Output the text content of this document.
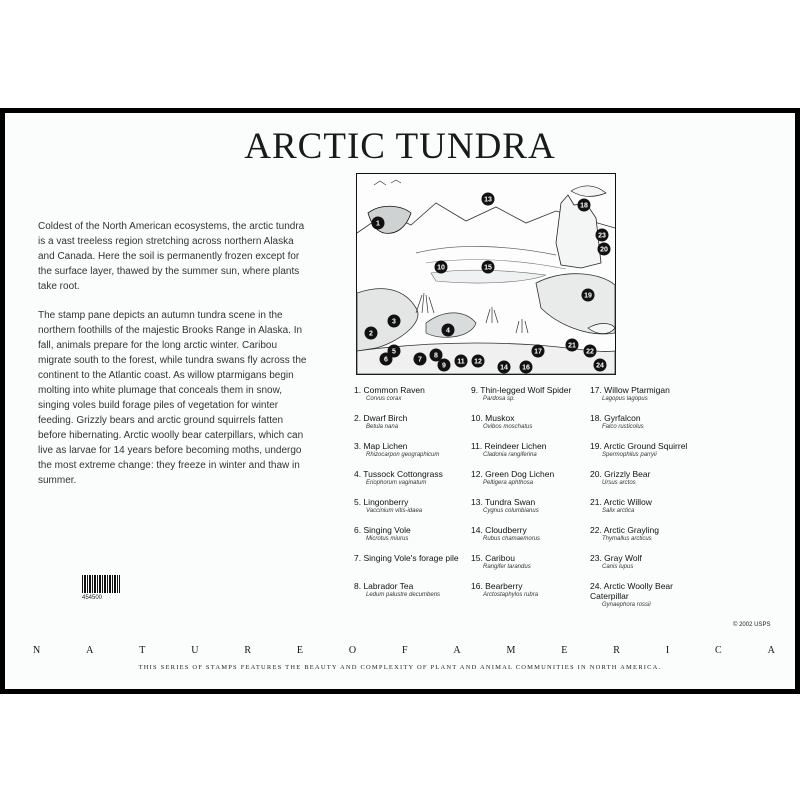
ARCTIC TUNDRA

Coldest of the North American ecosystems, the arctic tundra is a vast treeless region stretching across northern Alaska and Canada. Here the soil is permanently frozen except for the surface layer, thawed by the summer sun, where plants take root.

The stamp pane depicts an autumn tundra scene in the northern foothills of the majestic Brooks Range in Alaska. In fall, animals prepare for the long arctic winter. Caribou migrate south to the forest, while tundra swans fly across the continent to the Atlantic coast. As willow ptarmigans begin molting into white plumage that conceals them in snow, singing voles build forage piles of vegetation for winter feeding. Grizzly bears and arctic ground squirrels fatten before hibernating. Arctic woolly bear caterpillars, which can live as larvae for 14 years before becoming moths, undergo the most extreme change: they freeze in winter and thaw in summer.

454500
1
2
3
4
5
6	7
8
9
10
11 12
13
14
15
16
17
18
19
20
21
22
23
24
1. Common Raven
Corvus corax
2. Dwarf Birch
Betula nana
3. Map Lichen
Rhizocarpon geographicum
4. Tussock Cottongrass
Eriophorum vaginatum
5. Lingonberry
Vaccinium vitis-idaea
6. Singing Vole
Microtus miurus
7. Singing Vole's forage pile
8. Labrador Tea
Ledum palustre decumbens
9. Thin-legged Wolf Spider
Pardosa sp.
10. Muskox
Ovibos moschatus
11. Reindeer Lichen
Cladonia rangiferina
12. Green Dog Lichen
Peltigera aphthosa
13. Tundra Swan
Cygnus columbianus
14. Cloudberry
Rubus chamaemorus
15. Caribou
Rangifer tarandus
16. Bearberry
Arctostaphylos rubra
17. Willow Ptarmigan
Lagopus lagopus
18. Gyrfalcon
Falco rusticolus
19. Arctic Ground Squirrel
Spermophilus parryii
20. Grizzly Bear
Ursus arctos
21. Arctic Willow
Salix arctica
22. Arctic Grayling
Thymallus arcticus
23. Gray Wolf
Canis lupus
24. Arctic Woolly Bear Caterpillar
Gynaephora rossii
© 2002 USPS
N	A	T	U	R	E	O	F	A	M	E	R	I	C	A
THIS SERIES OF STAMPS FEATURES THE BEAUTY AND COMPLEXITY OF PLANT AND ANIMAL COMMUNITIES IN NORTH AMERICA.
